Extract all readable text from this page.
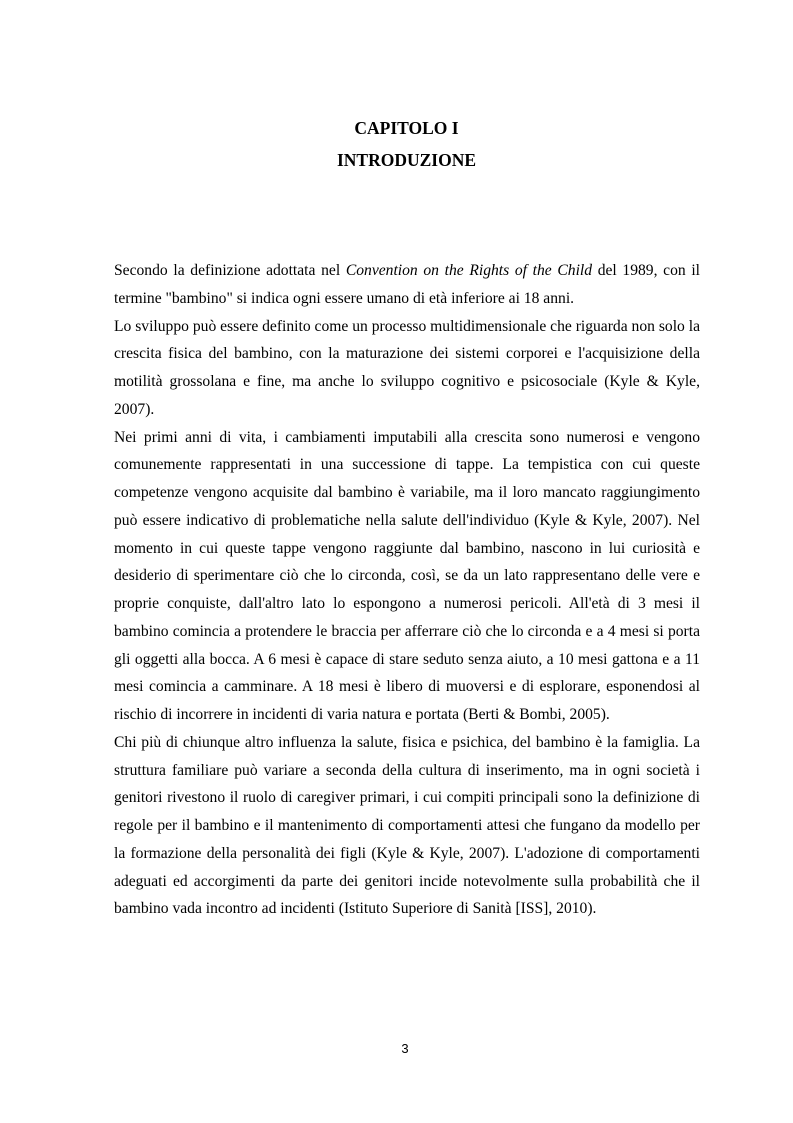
CAPITOLO I
INTRODUZIONE

Secondo la definizione adottata nel Convention on the Rights of the Child del 1989, con il termine "bambino" si indica ogni essere umano di età inferiore ai 18 anni.

Lo sviluppo può essere definito come un processo multidimensionale che riguarda non solo la crescita fisica del bambino, con la maturazione dei sistemi corporei e l'acquisizione della motilità grossolana e fine, ma anche lo sviluppo cognitivo e psicosociale (Kyle & Kyle, 2007).

Nei primi anni di vita, i cambiamenti imputabili alla crescita sono numerosi e vengono comunemente rappresentati in una successione di tappe. La tempistica con cui queste competenze vengono acquisite dal bambino è variabile, ma il loro mancato raggiungimento può essere indicativo di problematiche nella salute dell'individuo (Kyle & Kyle, 2007). Nel momento in cui queste tappe vengono raggiunte dal bambino, nascono in lui curiosità e desiderio di sperimentare ciò che lo circonda, così, se da un lato rappresentano delle vere e proprie conquiste, dall'altro lato lo espongono a numerosi pericoli. All'età di 3 mesi il bambino comincia a protendere le braccia per afferrare ciò che lo circonda e a 4 mesi si porta gli oggetti alla bocca. A 6 mesi è capace di stare seduto senza aiuto, a 10 mesi gattona e a 11 mesi comincia a camminare. A 18 mesi è libero di muoversi e di esplorare, esponendosi al rischio di incorrere in incidenti di varia natura e portata (Berti & Bombi, 2005).

Chi più di chiunque altro influenza la salute, fisica e psichica, del bambino è la famiglia. La struttura familiare può variare a seconda della cultura di inserimento, ma in ogni società i genitori rivestono il ruolo di caregiver primari, i cui compiti principali sono la definizione di regole per il bambino e il mantenimento di comportamenti attesi che fungano da modello per la formazione della personalità dei figli (Kyle & Kyle, 2007). L'adozione di comportamenti adeguati ed accorgimenti da parte dei genitori incide notevolmente sulla probabilità che il bambino vada incontro ad incidenti (Istituto Superiore di Sanità [ISS], 2010).

3
